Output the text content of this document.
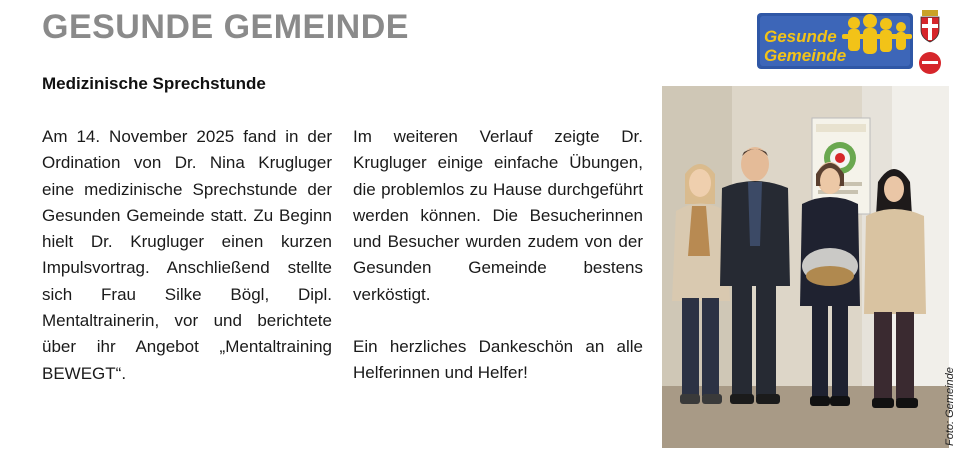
GESUNDE GEMEINDE	Gesunde
Gemeinde
Medizinische Sprechstunde

Am 14. November 2025 fand in der Ordination von Dr. Nina Krugluger eine medizinische Sprechstunde der Gesunden Gemeinde statt. Zu Beginn hielt Dr. Krugluger einen kurzen Impulsvortrag. Anschließend stellte sich Frau Silke Bögl, Dipl. Mentaltrainerin, vor und berichtete über ihr Angebot „Mentaltraining BEWEGT“.

Im weiteren Verlauf zeigte Dr. Krugluger einige einfache Übungen, die problemlos zu Hause durchgeführt werden können. Die Besucherinnen und Besucher wurden zudem von der Gesunden Gemeinde bestens verköstigt.

Ein herzliches Dankeschön an alle Helferinnen und Helfer!	Foto: Gemeinde
